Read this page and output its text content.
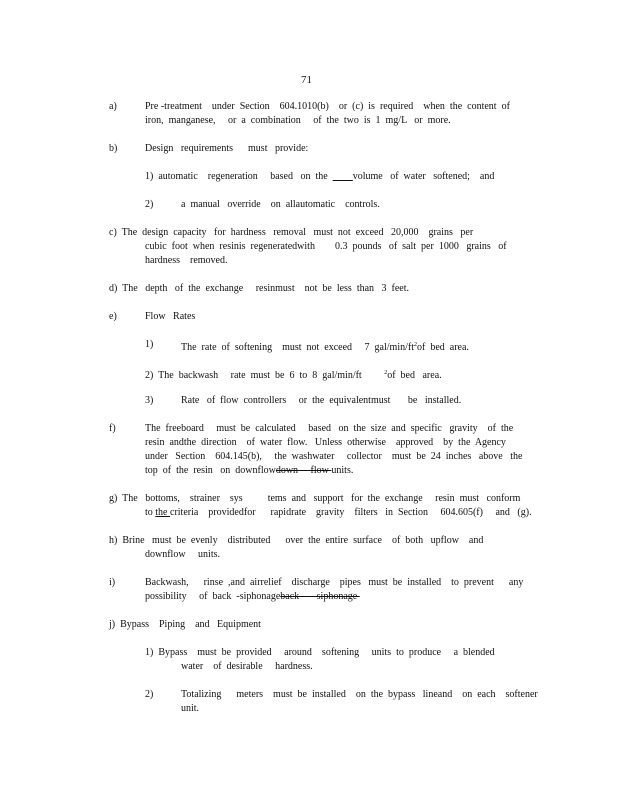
71
a)	Pre -treatment    under  Section    604.1010(b)    or  (c)  is  required    when  the  content  of
iron,  manganese,     or  a  combination     of  the  two  is  1  mg/L   or  more.
b)	Design   requirements      must   provide:
1)  automatic    regeneration     based   on  the  ____volume   of  water   softened;    and
2)	a  manual   override    on  allautomatic    controls.
c)  The  design  capacity   for  hardness   removal   must  not  exceed   20,000    grains   per
cubic  foot  when  resinis  regeneratedwith        0.3  pounds   of  salt  per  1000   grains   of
hardness    removed.
d)  The   depth   of  the  exchange     resinmust    not  be  less  than   3  feet.
e)	Flow   Rates
1)	The  rate  of  softening    must  not  exceed     7  gal/$\min/ft^2of$  bed  area.
2)  The  backwash     rate  must  be  6  to  8  gal/min/ft	$^2$of  bed   area.
3)	Rate   of  flow  controllers     or  the  equivalentmust       be   installed.
f)	The  freeboard     must  be  calculated     based   on  the  size  and  specific   gravity    of  the
resin  andthe  direction    of  water  flow.   Unless  otherwise    approved    by  the  Agency
under   Section    604.145(b),     the  washwater     collector    must  be  24  inches   above   the
top  of  the  resin   on  downflowdown     flow units.
g)  The   bottoms,    strainer    sys          tems  and   support   for  the  exchange     resin  must   conform
to the criteria    providedfor      rapidrate    gravity    filters   in  Section     604.605(f)     and   (g).
h)  Brine   must  be  evenly    distributed      over  the  entire  surface    of  both   upflow    and
downflow     units.
i)	Backwash,      rinse  ,and  airrelief    discharge    pipes   must  be  installed    to  prevent      any
possibility     of  back  -siphonageback       siphonage
j)  Bypass    Piping    and   Equipment
1)  Bypass    must  be  provided     around    softening     units  to  produce     a  blended
water    of  desirable     hardness.
2)	Totalizing      meters    must  be  installed    on  the  bypass   lineand    on  each    softener
unit.
